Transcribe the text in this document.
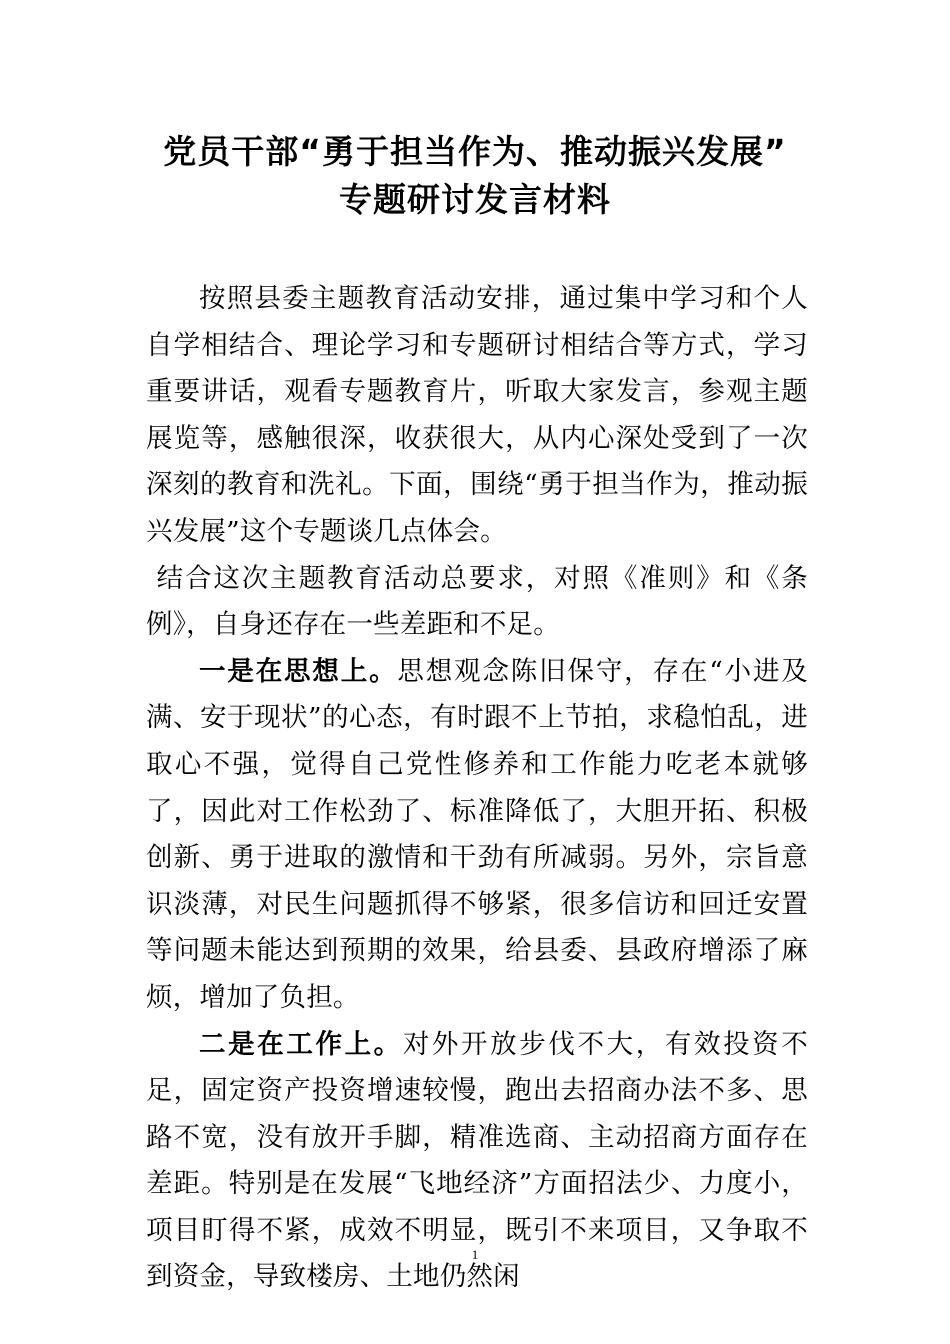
党员干部“勇于担当作为、推动振兴发展”
专题研讨发言材料

按照县委主题教育活动安排，通过集中学习和个人自学相结合、理论学习和专题研讨相结合等方式，学习重要讲话，观看专题教育片，听取大家发言，参观主题展览等，感触很深，收获很大，从内心深处受到了一次深刻的教育和洗礼。下面，围绕“勇于担当作为，推动振兴发展”这个专题谈几点体会。

结合这次主题教育活动总要求，对照《准则》和《条例》，自身还存在一些差距和不足。

一是在思想上。思想观念陈旧保守，存在“小进及满、安于现状”的心态，有时跟不上节拍，求稳怕乱，进取心不强，觉得自己党性修养和工作能力吃老本就够了，因此对工作松劲了、标准降低了，大胆开拓、积极创新、勇于进取的激情和干劲有所减弱。另外，宗旨意识淡薄，对民生问题抓得不够紧，很多信访和回迁安置等问题未能达到预期的效果，给县委、县政府增添了麻烦，增加了负担。

二是在工作上。对外开放步伐不大，有效投资不足，固定资产投资增速较慢，跑出去招商办法不多、思路不宽，没有放开手脚，精准选商、主动招商方面存在差距。特别是在发展“飞地经济”方面招法少、力度小，项目盯得不紧，成效不明显，既引不来项目，又争取不到资金，导致楼房、土地仍然闲

1
